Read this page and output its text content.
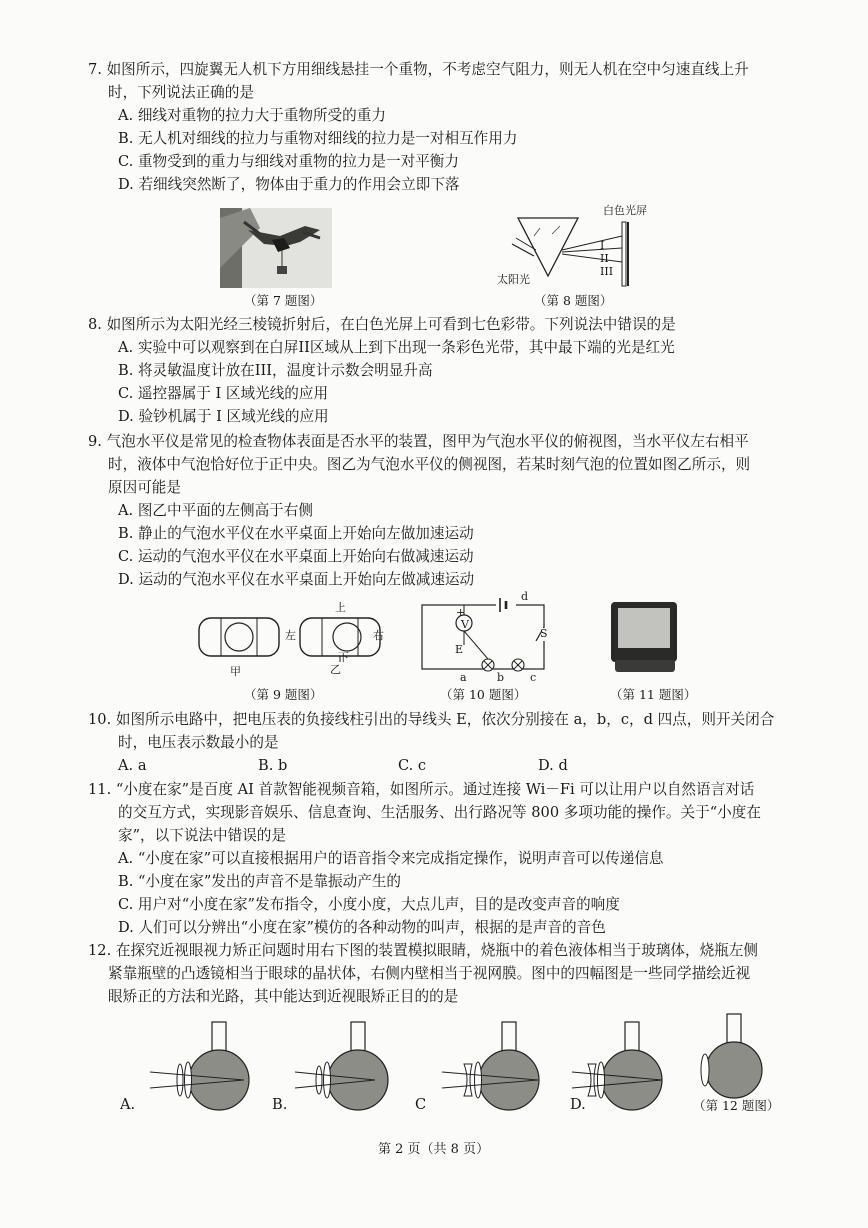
7. 如图所示，四旋翼无人机下方用细线悬挂一个重物，不考虑空气阻力，则无人机在空中匀速直线上升
时，下列说法正确的是
A. 细线对重物的拉力大于重物所受的重力
B. 无人机对细线的拉力与重物对细线的拉力是一对相互作用力
C. 重物受到的重力与细线对重物的拉力是一对平衡力
D. 若细线突然断了，物体由于重力的作用会立即下落
（第 7 题图）
白色光屏
太阳光
I
II
III
（第 8 题图）
8. 如图所示为太阳光经三棱镜折射后，在白色光屏上可看到七色彩带。下列说法中错误的是
A. 实验中可以观察到在白屏II区域从上到下出现一条彩色光带，其中最下端的光是红光
B. 将灵敏温度计放在III，温度计示数会明显升高
C. 遥控器属于 I 区域光线的应用
D. 验钞机属于 I 区域光线的应用
9. 气泡水平仪是常见的检查物体表面是否水平的装置，图甲为气泡水平仪的俯视图，当水平仪左右相平
时，液体中气泡恰好位于正中央。图乙为气泡水平仪的侧视图，若某时刻气泡的位置如图乙所示，则
原因可能是
A. 图乙中平面的左侧高于右侧
B. 静止的气泡水平仪在水平桌面上开始向左做加速运动
C. 运动的气泡水平仪在水平桌面上开始向右做减速运动
D. 运动的气泡水平仪在水平桌面上开始向左做减速运动
甲	乙
上
下
左	右
（第 9 题图）
V
+
E
a	b c
d
S
（第 10 题图）	（第 11 题图）
10. 如图所示电路中，把电压表的负接线柱引出的导线头 E，依次分别接在 a，b，c，d 四点，则开关闭合
时，电压表示数最小的是
A. a	B. b	C. c	D. d
11. “小度在家”是百度 AI 首款智能视频音箱，如图所示。通过连接 Wi－Fi 可以让用户以自然语言对话
的交互方式，实现影音娱乐、信息查询、生活服务、出行路况等 800 多项功能的操作。关于“小度在
家”，以下说法中错误的是
A. “小度在家”可以直接根据用户的语音指令来完成指定操作，说明声音可以传递信息
B. “小度在家”发出的声音不是靠振动产生的
C. 用户对“小度在家”发布指令，小度小度，大点儿声，目的是改变声音的响度
D. 人们可以分辨出“小度在家”模仿的各种动物的叫声，根据的是声音的音色
12. 在探究近视眼视力矫正问题时用右下图的装置模拟眼睛，烧瓶中的着色液体相当于玻璃体，烧瓶左侧
紧靠瓶壁的凸透镜相当于眼球的晶状体，右侧内壁相当于视网膜。图中的四幅图是一些同学描绘近视
眼矫正的方法和光路，其中能达到近视眼矫正目的的是
A.	B.	C	D.	（第 12 题图）
第 2 页（共 8 页）
